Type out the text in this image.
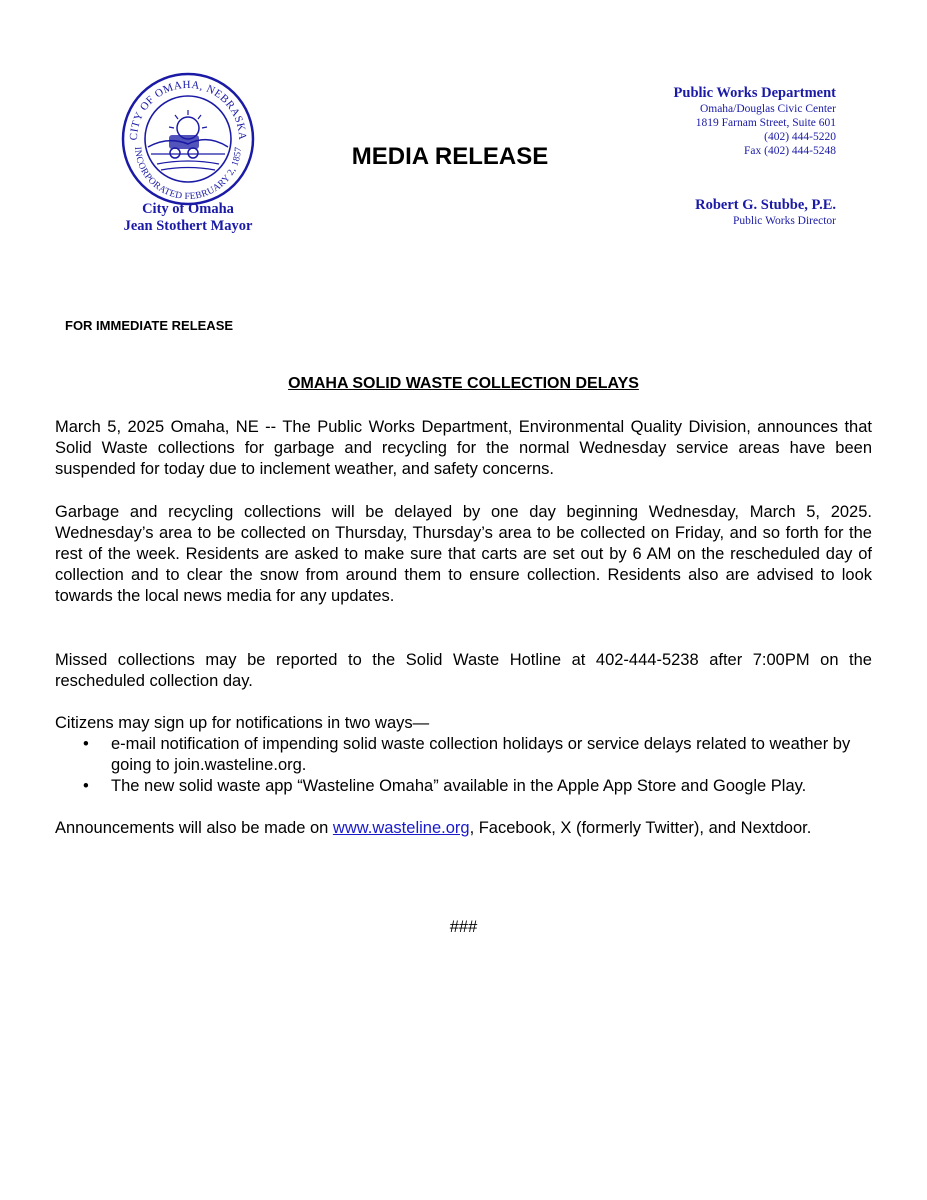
CITY OF OMAHA, NEBRASKA
INCORPORATED FEBRUARY 2, 1857
City of Omaha
Jean Stothert Mayor
MEDIA RELEASE
Public Works Department
Omaha/Douglas Civic Center
1819 Farnam Street, Suite 601
(402) 444-5220
Fax (402) 444-5248
Robert G. Stubbe, P.E.
Public Works Director
FOR IMMEDIATE RELEASE
OMAHA SOLID WASTE COLLECTION DELAYS
March 5, 2025 Omaha, NE -- The Public Works Department, Environmental Quality Division, announces that Solid Waste collections for garbage and recycling for the normal Wednesday service areas have been suspended for today due to inclement weather, and safety concerns.
Garbage and recycling collections will be delayed by one day beginning Wednesday, March 5, 2025. Wednesday’s area to be collected on Thursday, Thursday’s area to be collected on Friday, and so forth for the rest of the week. Residents are asked to make sure that carts are set out by 6 AM on the rescheduled day of collection and to clear the snow from around them to ensure collection. Residents also are advised to look towards the local news media for any updates.
Missed collections may be reported to the Solid Waste Hotline at 402-444-5238 after 7:00PM on the rescheduled collection day.
Citizens may sign up for notifications in two ways—
• e-mail notification of impending solid waste collection holidays or service delays related to weather by going to join.wasteline.org.
• The new solid waste app “Wasteline Omaha” available in the Apple App Store and Google Play.
Announcements will also be made on www.wasteline.org, Facebook, X (formerly Twitter), and Nextdoor.
###
